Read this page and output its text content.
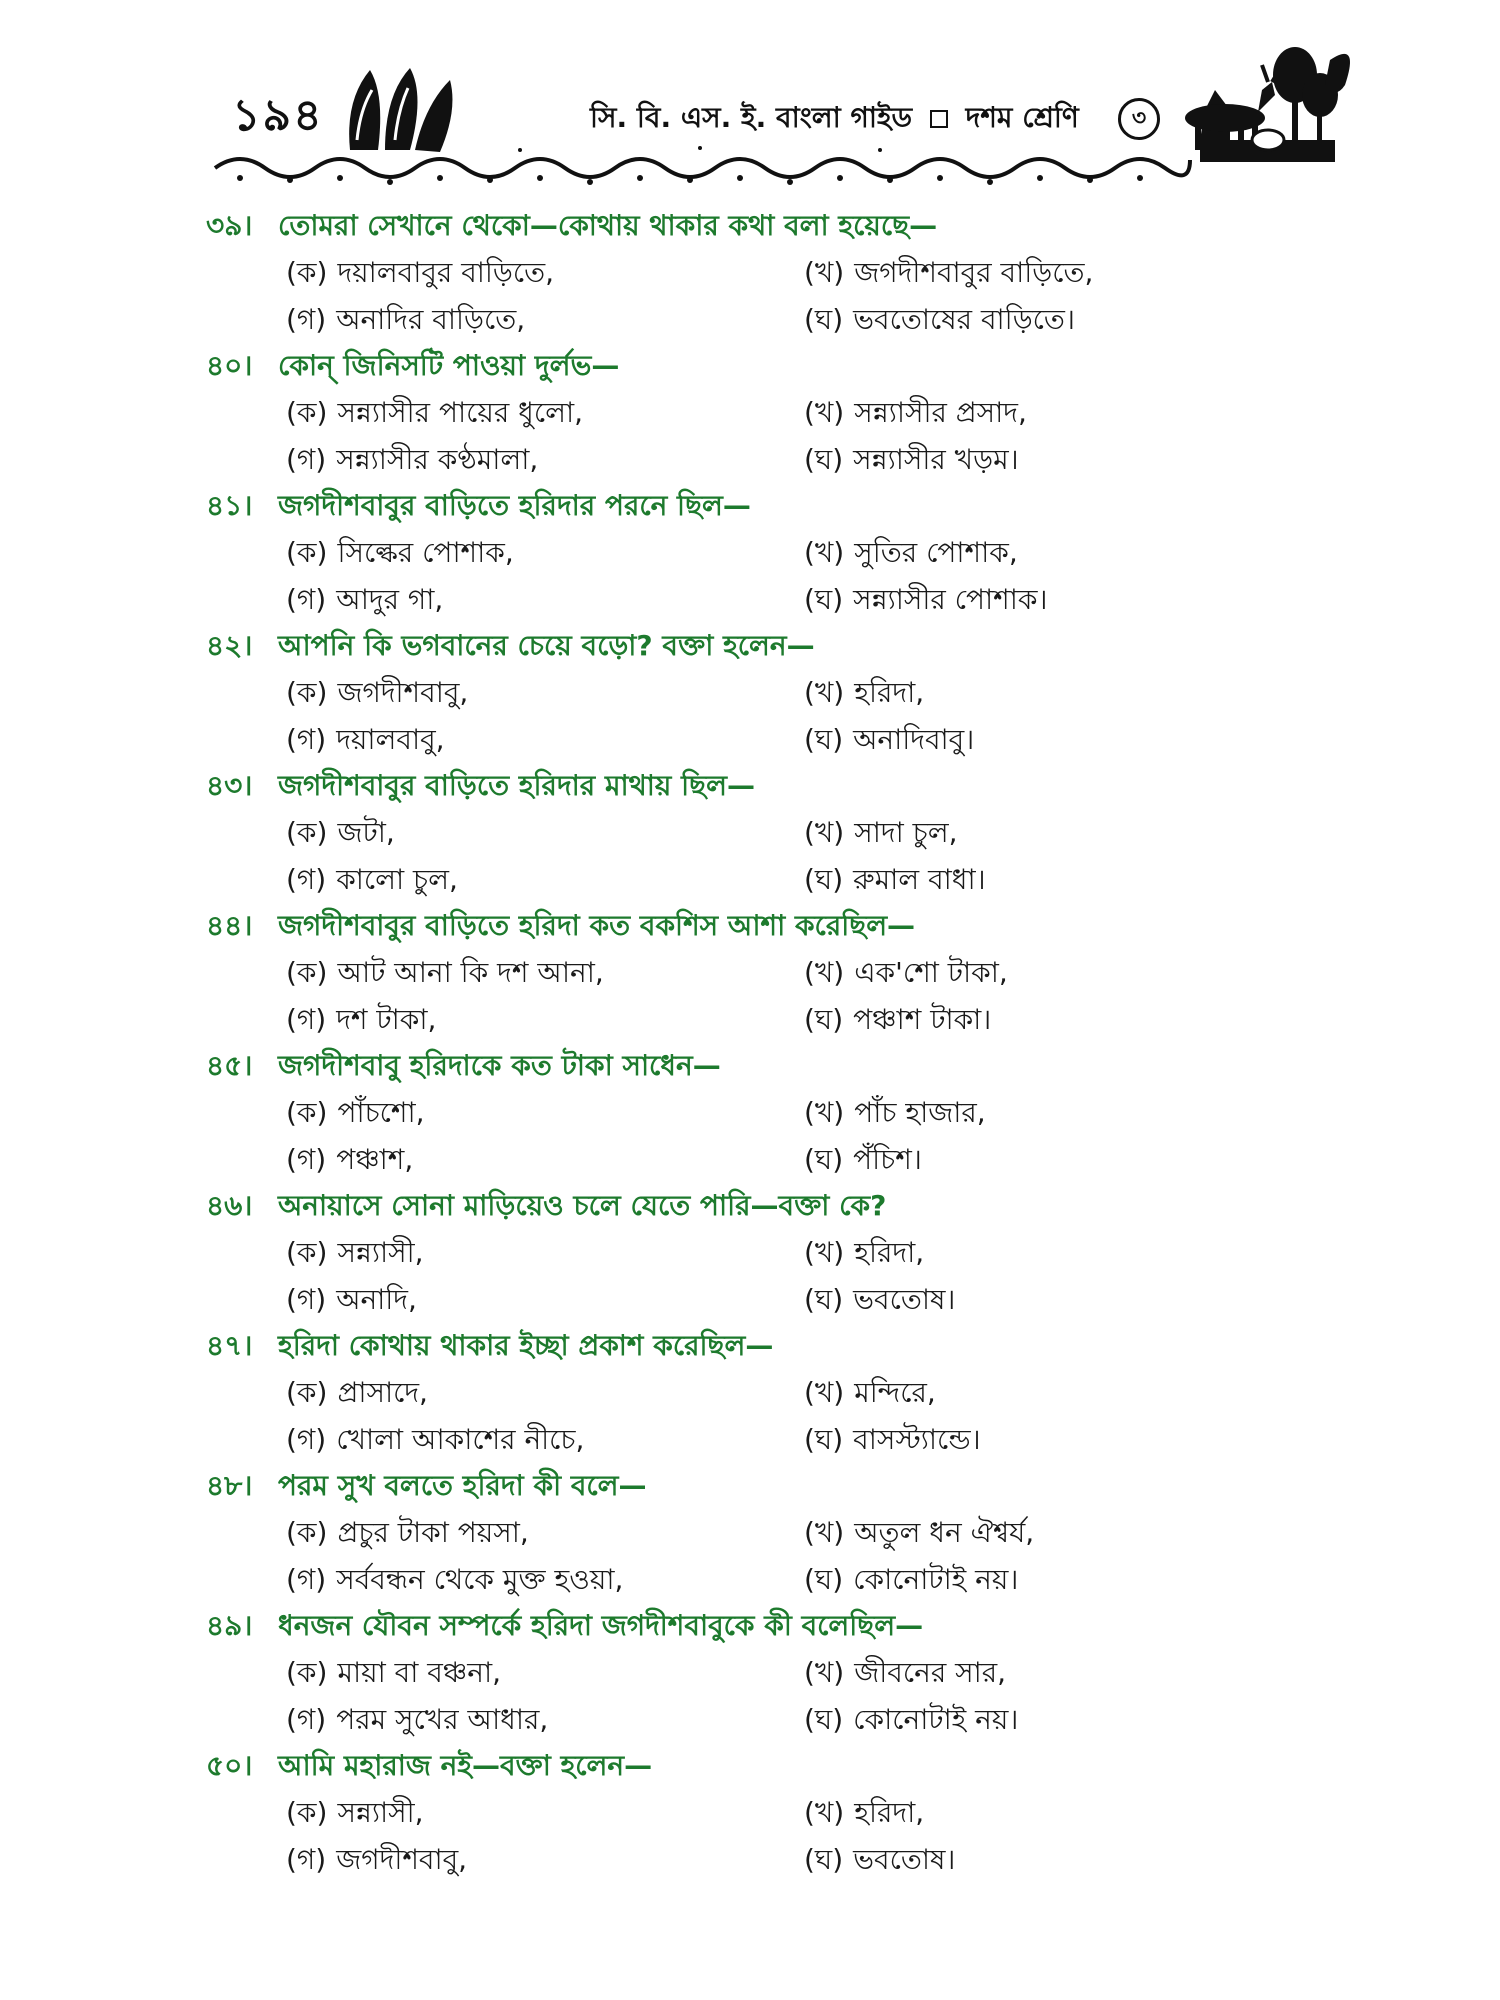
১৯৪	সি. বি. এস. ই. বাংলা গাইড দশম শ্রেণি	৩
৩৯। তোমরা সেখানে থেকো—কোথায় থাকার কথা বলা হয়েছে—
(ক) দয়ালবাবুর বাড়িতে,	(খ) জগদীশবাবুর বাড়িতে,
(গ) অনাদির বাড়িতে,	(ঘ) ভবতোষের বাড়িতে।
৪০। কোন্ জিনিসটি পাওয়া দুর্লভ—
(ক) সন্ন্যাসীর পায়ের ধুলো,	(খ) সন্ন্যাসীর প্রসাদ,
(গ) সন্ন্যাসীর কণ্ঠমালা,	(ঘ) সন্ন্যাসীর খড়ম।
৪১। জগদীশবাবুর বাড়িতে হরিদার পরনে ছিল—
(ক) সিল্কের পোশাক,	(খ) সুতির পোশাক,
(গ) আদুর গা,	(ঘ) সন্ন্যাসীর পোশাক।
৪২। আপনি কি ভগবানের চেয়ে বড়ো? বক্তা হলেন—
(ক) জগদীশবাবু,	(খ) হরিদা,
(গ) দয়ালবাবু,	(ঘ) অনাদিবাবু।
৪৩। জগদীশবাবুর বাড়িতে হরিদার মাথায় ছিল—
(ক) জটা,	(খ) সাদা চুল,
(গ) কালো চুল,	(ঘ) রুমাল বাধা।
৪৪। জগদীশবাবুর বাড়িতে হরিদা কত বকশিস আশা করেছিল—
(ক) আট আনা কি দশ আনা,	(খ) এক'শো টাকা,
(গ) দশ টাকা,	(ঘ) পঞ্চাশ টাকা।
৪৫। জগদীশবাবু হরিদাকে কত টাকা সাধেন—
(ক) পাঁচশো,	(খ) পাঁচ হাজার,
(গ) পঞ্চাশ,	(ঘ) পঁচিশ।
৪৬। অনায়াসে সোনা মাড়িয়েও চলে যেতে পারি—বক্তা কে?
(ক) সন্ন্যাসী,	(খ) হরিদা,
(গ) অনাদি,	(ঘ) ভবতোষ।
৪৭। হরিদা কোথায় থাকার ইচ্ছা প্রকাশ করেছিল—
(ক) প্রাসাদে,	(খ) মন্দিরে,
(গ) খোলা আকাশের নীচে,	(ঘ) বাসস্ট্যান্ডে।
৪৮। পরম সুখ বলতে হরিদা কী বলে—
(ক) প্রচুর টাকা পয়সা,	(খ) অতুল ধন ঐশ্বর্য,
(গ) সর্ববন্ধন থেকে মুক্ত হওয়া,	(ঘ) কোনোটাই নয়।
৪৯। ধনজন যৌবন সম্পর্কে হরিদা জগদীশবাবুকে কী বলেছিল—
(ক) মায়া বা বঞ্চনা,	(খ) জীবনের সার,
(গ) পরম সুখের আধার,	(ঘ) কোনোটাই নয়।
৫০। আমি মহারাজ নই—বক্তা হলেন—
(ক) সন্ন্যাসী,	(খ) হরিদা,
(গ) জগদীশবাবু,	(ঘ) ভবতোষ।
